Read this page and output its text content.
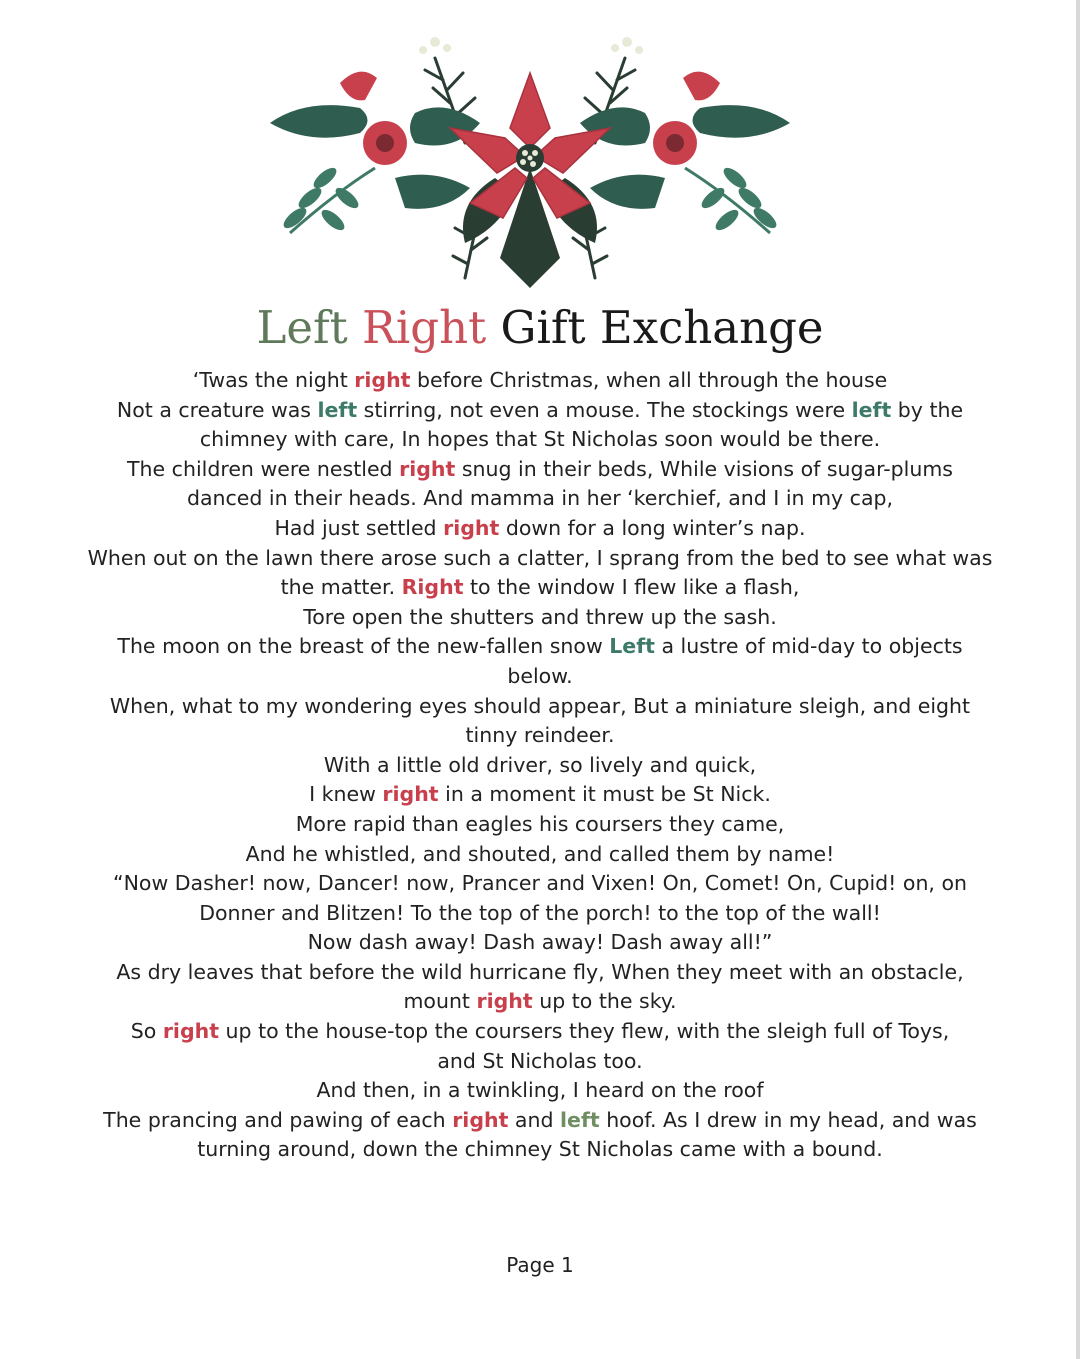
Left Right Gift Exchange
‘Twas the night right before Christmas, when all through the house
Not a creature was left stirring, not even a mouse. The stockings were left by the
chimney with care, In hopes that St Nicholas soon would be there.
The children were nestled right snug in their beds, While visions of sugar-plums
danced in their heads. And mamma in her ‘kerchief, and I in my cap,
Had just settled right down for a long winter’s nap.
When out on the lawn there arose such a clatter, I sprang from the bed to see what was
the matter. Right to the window I flew like a flash,
Tore open the shutters and threw up the sash.
The moon on the breast of the new-fallen snow Left a lustre of mid-day to objects
below.
When, what to my wondering eyes should appear, But a miniature sleigh, and eight
tinny reindeer.
With a little old driver, so lively and quick,
I knew right in a moment it must be St Nick.
More rapid than eagles his coursers they came,
And he whistled, and shouted, and called them by name!
“Now Dasher! now, Dancer! now, Prancer and Vixen! On, Comet! On, Cupid! on, on
Donner and Blitzen! To the top of the porch! to the top of the wall!
Now dash away! Dash away! Dash away all!”
As dry leaves that before the wild hurricane fly, When they meet with an obstacle,
mount right up to the sky.
So right up to the house-top the coursers they flew, with the sleigh full of Toys,
and St Nicholas too.
And then, in a twinkling, I heard on the roof
The prancing and pawing of each right and left hoof. As I drew in my head, and was
turning around, down the chimney St Nicholas came with a bound.
Page 1
